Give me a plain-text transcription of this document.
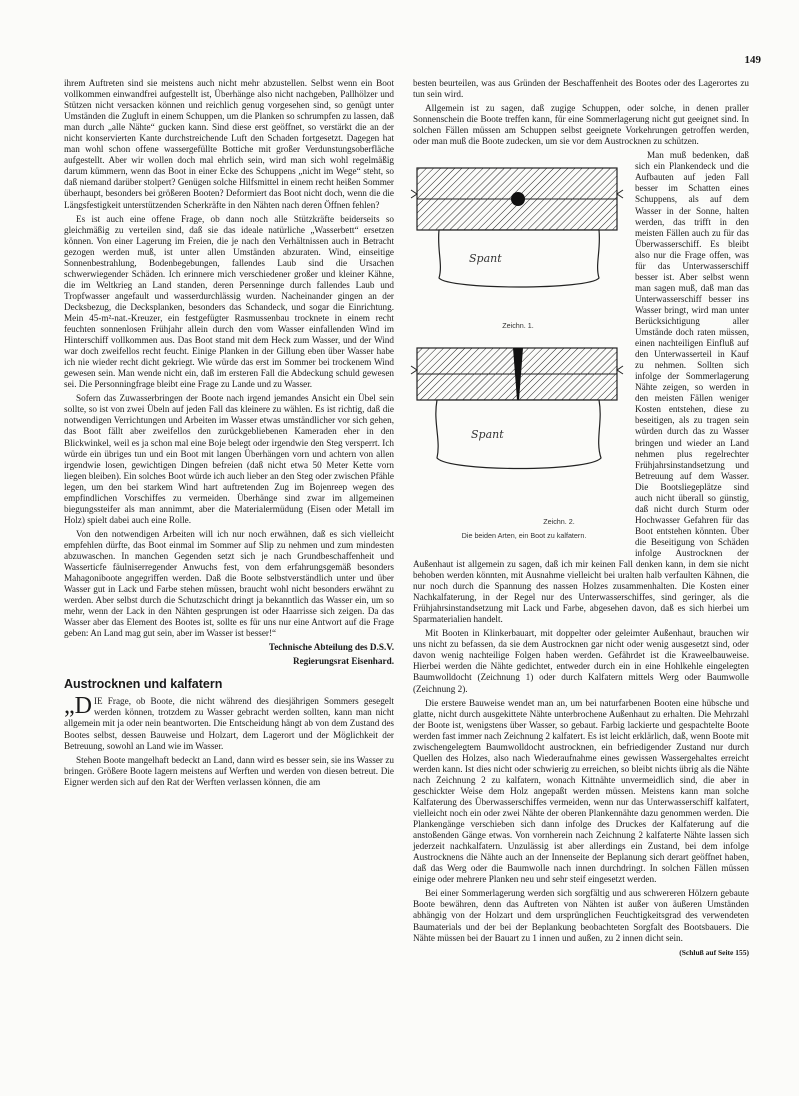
149

ihrem Auftreten sind sie meistens auch nicht mehr abzustellen. Selbst wenn ein Boot vollkommen einwandfrei aufgestellt ist, Überhänge also nicht nachgeben, Pallhölzer und Stützen nicht versacken können und reichlich genug vorgesehen sind, so genügt unter Umständen die Zugluft in einem Schuppen, um die Planken so schrumpfen zu lassen, daß man durch „alle Nähte“ gucken kann. Sind diese erst geöffnet, so verstärkt die an der nicht konservierten Kante durchstreichende Luft den Schaden fortgesetzt. Dagegen hat man wohl schon offene wassergefüllte Bottiche mit großer Verdunstungsoberfläche aufgestellt. Aber wir wollen doch mal ehrlich sein, wird man sich wohl regelmäßig darum kümmern, wenn das Boot in einer Ecke des Schuppens „nicht im Wege“ steht, so daß niemand darüber stolpert? Genügen solche Hilfsmittel in einem recht heißen Sommer überhaupt, besonders bei größeren Booten? Deformiert das Boot nicht doch, wenn die die Längsfestigkeit unterstützenden Scherkräfte in den Nähten nach deren Öffnen fehlen?

Es ist auch eine offene Frage, ob dann noch alle Stützkräfte beiderseits so gleichmäßig zu verteilen sind, daß sie das ideale natürliche „Wasserbett“ ersetzen können. Von einer Lagerung im Freien, die je nach den Verhältnissen auch in Betracht gezogen werden muß, ist unter allen Umständen abzuraten. Wind, einseitige Sonnenbestrahlung, Bodenbegebungen, fallendes Laub sind die Ursachen schwerwiegender Schäden. Ich erinnere mich verschiedener großer und kleiner Kähne, die im Weltkrieg an Land standen, deren Persenninge durch fallendes Laub und Tropfwasser angefault und wasserdurchlässig wurden. Nacheinander gingen an der Decksbezug, die Decksplanken, besonders das Schandeck, und sogar die Einrichtung. Mein 45-m²-nat.-Kreuzer, ein festgefügter Rasmussenbau trocknete in einem recht feuchten sonnenlosen Frühjahr allein durch den vom Wasser einfallenden Wind im Hinterschiff vollkommen aus. Das Boot stand mit dem Heck zum Wasser, und der Wind war doch zweifellos recht feucht. Einige Planken in der Gillung eben über Wasser habe ich nie wieder recht dicht gekriegt. Wie würde das erst im Sommer bei trockenem Wind gewesen sein. Man wende nicht ein, daß im ersteren Fall die Abdeckung schuld gewesen sei. Die Personningfrage bleibt eine Frage zu Lande und zu Wasser.

Sofern das Zuwasserbringen der Boote nach irgend jemandes Ansicht ein Übel sein sollte, so ist von zwei Übeln auf jeden Fall das kleinere zu wählen. Es ist richtig, daß die notwendigen Verrichtungen und Arbeiten im Wasser etwas umständlicher vor sich gehen, das Boot fällt aber zweifellos den zurückgebliebenen Kameraden eher in den Blickwinkel, weil es ja schon mal eine Boje belegt oder irgendwie den Steg versperrt. Ich würde ein übriges tun und ein Boot mit langen Überhängen vorn und achtern von allen irgendwie losen, gewichtigen Dingen befreien (daß nicht etwa 50 Meter Kette vorn liegen bleiben). Ein solches Boot würde ich auch lieber an den Steg oder zwischen Pfähle legen, um den bei starkem Wind hart auftretenden Zug im Bojenreep wegen des empfindlichen Vorschiffes zu vermeiden. Überhänge sind zwar im allgemeinen biegungssteifer als man annimmt, aber die Materialermüdung (Eisen oder Metall im Holz) spielt dabei auch eine Rolle.

Von den notwendigen Arbeiten will ich nur noch erwähnen, daß es sich vielleicht empfehlen dürfte, das Boot einmal im Sommer auf Slip zu nehmen und zum mindesten abzuwaschen. In manchen Gegenden setzt sich je nach Grundbeschaffenheit und Wasserticfe fäulniserregender Anwuchs fest, von dem erfahrungsgemäß besonders Mahagoniboote angegriffen werden. Daß die Boote selbstverständlich unter und über Wasser gut in Lack und Farbe stehen müssen, braucht wohl nicht besonders erwähnt zu werden. Aber selbst durch die Schutzschicht dringt ja bekanntlich das Wasser ein, um so mehr, wenn der Lack in den Nähten gesprungen ist oder Haarrisse sich zeigen. Da das Wasser aber das Element des Bootes ist, sollte es für uns nur eine Antwort auf die Frage geben: An Land mag gut sein, aber im Wasser ist besser!“

Technische Abteilung des D.S.V.

Regierungsrat Eisenhard.

Austrocknen und kalfatern

„DIE Frage, ob Boote, die nicht während des diesjährigen Sommers gesegelt werden können, trotzdem zu Wasser gebracht werden sollten, kann man nicht allgemein mit ja oder nein beantworten. Die Entscheidung hängt ab von dem Zustand des Bootes selbst, dessen Bauweise und Holzart, dem Lagerort und der Möglichkeit der Betreuung, sowohl an Land wie im Wasser.

Stehen Boote mangelhaft bedeckt an Land, dann wird es besser sein, sie ins Wasser zu bringen. Größere Boote lagern meistens auf Werften und werden von diesen betreut. Die Eigner werden sich auf den Rat der Werften verlassen können, die am

besten beurteilen, was aus Gründen der Beschaffenheit des Bootes oder des Lagerortes zu tun sein wird.

Allgemein ist zu sagen, daß zugige Schuppen, oder solche, in denen praller Sonnenschein die Boote treffen kann, für eine Sommerlagerung nicht gut geeignet sind. In solchen Fällen müssen am Schuppen selbst geeignete Vorkehrungen getroffen werden, oder man muß die Boote zudecken, um sie vor dem Austrocknen zu schützen.

Spant
Zeichn. 1.
Spant
Zeichn. 2.
Die beiden Arten, ein Boot zu kalfatern.

Man muß bedenken, daß sich ein Plankendeck und die Aufbauten auf jeden Fall besser im Schatten eines Schuppens, als auf dem Wasser in der Sonne, halten werden, das trifft in den meisten Fällen auch zu für das Überwasserschiff. Es bleibt also nur die Frage offen, was für das Unterwasserschiff besser ist. Aber selbst wenn man sagen muß, daß man das Unterwasserschiff besser ins Wasser bringt, wird man unter Berücksichtigung aller Umstände doch raten müssen, einen nachteiligen Einfluß auf den Unterwasserteil in Kauf zu nehmen. Sollten sich infolge der Sommerlagerung Nähte zeigen, so werden in den meisten Fällen weniger Kosten entstehen, diese zu beseitigen, als zu tragen sein würden durch das zu Wasser bringen und wieder an Land nehmen plus regelrechter Frühjahrsinstandsetzung und Betreuung auf dem Wasser. Die Bootsliegeplätze sind auch nicht überall so günstig, daß nicht durch Sturm oder Hochwasser Gefahren für das Boot entstehen könnten. Über die Beseitigung von Schäden infolge Austrocknen der Außenhaut ist allgemein zu sagen, daß ich mir keinen Fall denken kann, in dem sie nicht behoben werden könnten, mit Ausnahme vielleicht bei uralten halb verfaulten Kähnen, die nur noch durch die Spannung des nassen Holzes zusammenhalten. Die Kosten einer Nachkalfaterung, in der Regel nur des Unterwasserschiffes, sind geringer, als die Frühjahrsinstandsetzung mit Lack und Farbe, abgesehen davon, daß es sich hierbei um Sparmaterialien handelt.

Mit Booten in Klinkerbauart, mit doppelter oder geleimter Außenhaut, brauchen wir uns nicht zu befassen, da sie dem Austrocknen gar nicht oder wenig ausgesetzt sind, oder davon wenig nachteilige Folgen haben werden. Gefährdet ist die Kraweelbauweise. Hierbei werden die Nähte gedichtet, entweder durch ein in eine Hohlkehle eingelegten Baumwolldocht (Zeichnung 1) oder durch Kalfatern mittels Werg oder Baumwolle (Zeichnung 2).

Die erstere Bauweise wendet man an, um bei naturfarbenen Booten eine hübsche und glatte, nicht durch ausgekittete Nähte unterbrochene Außenhaut zu erhalten. Die Mehrzahl der Boote ist, wenigstens über Wasser, so gebaut. Farbig lackierte und gespachtelte Boote werden fast immer nach Zeichnung 2 kalfatert. Es ist leicht erklärlich, daß, wenn Boote mit zwischengelegtem Baumwolldocht austrocknen, ein befriedigender Zustand nur durch Quellen des Holzes, also nach Wiederaufnahme eines gewissen Wassergehaltes erreicht werden kann. Ist dies nicht oder schwierig zu erreichen, so bleibt nichts übrig als die Nähte nach Zeichnung 2 zu kalfatern, wonach Kittnähte unvermeidlich sind, die aber in geschickter Weise dem Holz angepaßt werden müssen. Meistens kann man solche Kalfaterung des Überwasserschiffes vermeiden, wenn nur das Unterwasserschiff kalfatert, vielleicht noch ein oder zwei Nähte der oberen Plankennähte dazu genommen werden. Die Plankengänge verschieben sich dann infolge des Druckes der Kalfaterung auf die anstoßenden Gänge etwas. Von vornherein nach Zeichnung 2 kalfaterte Nähte lassen sich jederzeit nachkalfatern. Unzulässig ist aber allerdings ein Zustand, bei dem infolge Austrocknens die Nähte auch an der Innenseite der Beplanung sich derart geöffnet haben, daß das Werg oder die Baumwolle nach innen durchdringt. In solchen Fällen müssen einige oder mehrere Planken neu und sehr steif eingesetzt werden.

Bei einer Sommerlagerung werden sich sorgfältig und aus schwereren Hölzern gebaute Boote bewähren, denn das Auftreten von Nähten ist außer von äußeren Umständen abhängig von der Holzart und dem ursprünglichen Feuchtigkeitsgrad des verwendeten Baumaterials und der bei der Beplankung beobachteten Sorgfalt des Bootsbauers. Die Nähte müssen bei der Bauart zu 1 innen und außen, zu 2 innen dicht sein.

(Schluß auf Seite 155)
